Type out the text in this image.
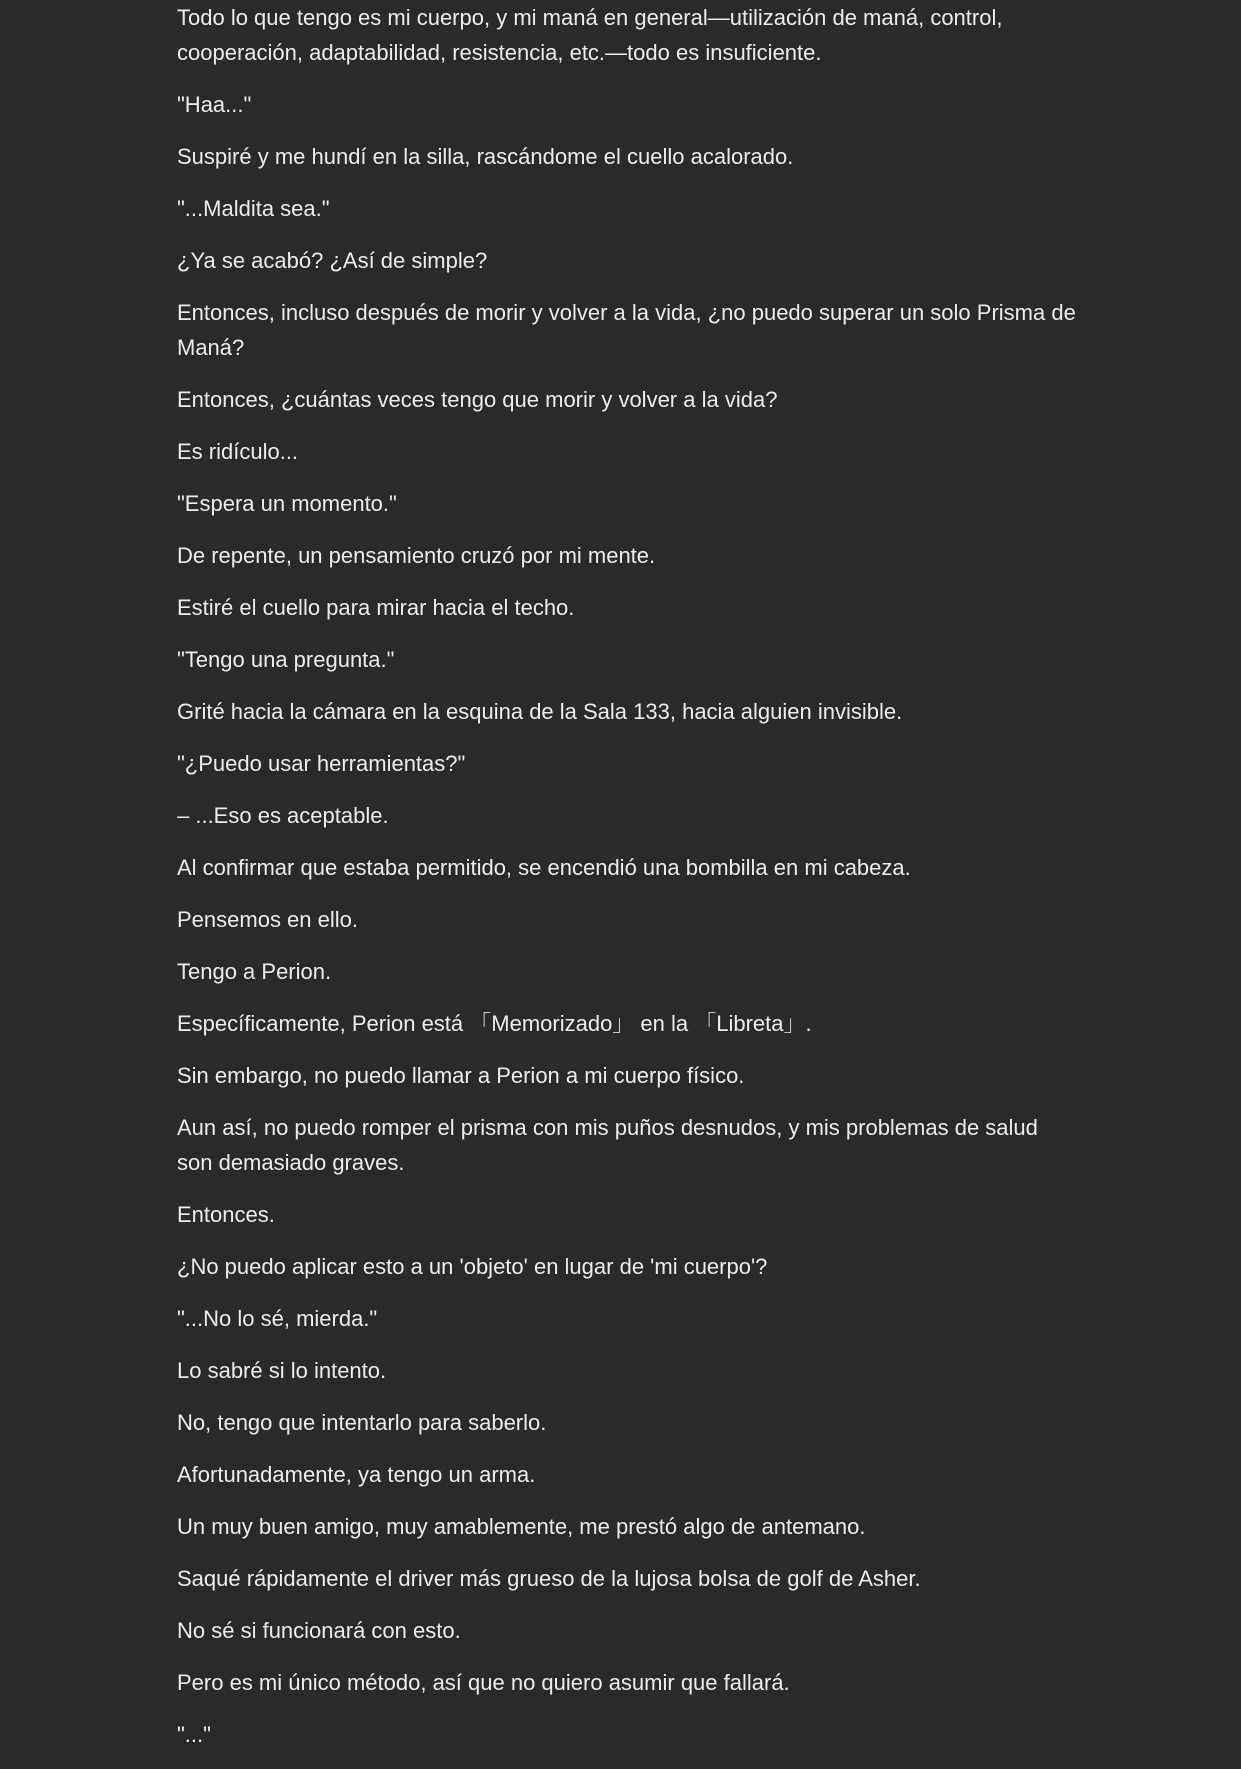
Todo lo que tengo es mi cuerpo, y mi maná en general—utilización de maná, control, cooperación, adaptabilidad, resistencia, etc.—todo es insuficiente.

"Haa..."

Suspiré y me hundí en la silla, rascándome el cuello acalorado.

"...Maldita sea."

¿Ya se acabó? ¿Así de simple?

Entonces, incluso después de morir y volver a la vida, ¿no puedo superar un solo Prisma de Maná?

Entonces, ¿cuántas veces tengo que morir y volver a la vida?

Es ridículo...

"Espera un momento."

De repente, un pensamiento cruzó por mi mente.

Estiré el cuello para mirar hacia el techo.

"Tengo una pregunta."

Grité hacia la cámara en la esquina de la Sala 133, hacia alguien invisible.

"¿Puedo usar herramientas?"

– ...Eso es aceptable.

Al confirmar que estaba permitido, se encendió una bombilla en mi cabeza.

Pensemos en ello.

Tengo a Perion.

Específicamente, Perion está 「Memorizado」 en la 「Libreta」.

Sin embargo, no puedo llamar a Perion a mi cuerpo físico.

Aun así, no puedo romper el prisma con mis puños desnudos, y mis problemas de salud son demasiado graves.

Entonces.

¿No puedo aplicar esto a un 'objeto' en lugar de 'mi cuerpo'?

"...No lo sé, mierda."

Lo sabré si lo intento.

No, tengo que intentarlo para saberlo.

Afortunadamente, ya tengo un arma.

Un muy buen amigo, muy amablemente, me prestó algo de antemano.

Saqué rápidamente el driver más grueso de la lujosa bolsa de golf de Asher.

No sé si funcionará con esto.

Pero es mi único método, así que no quiero asumir que fallará.

"..."
